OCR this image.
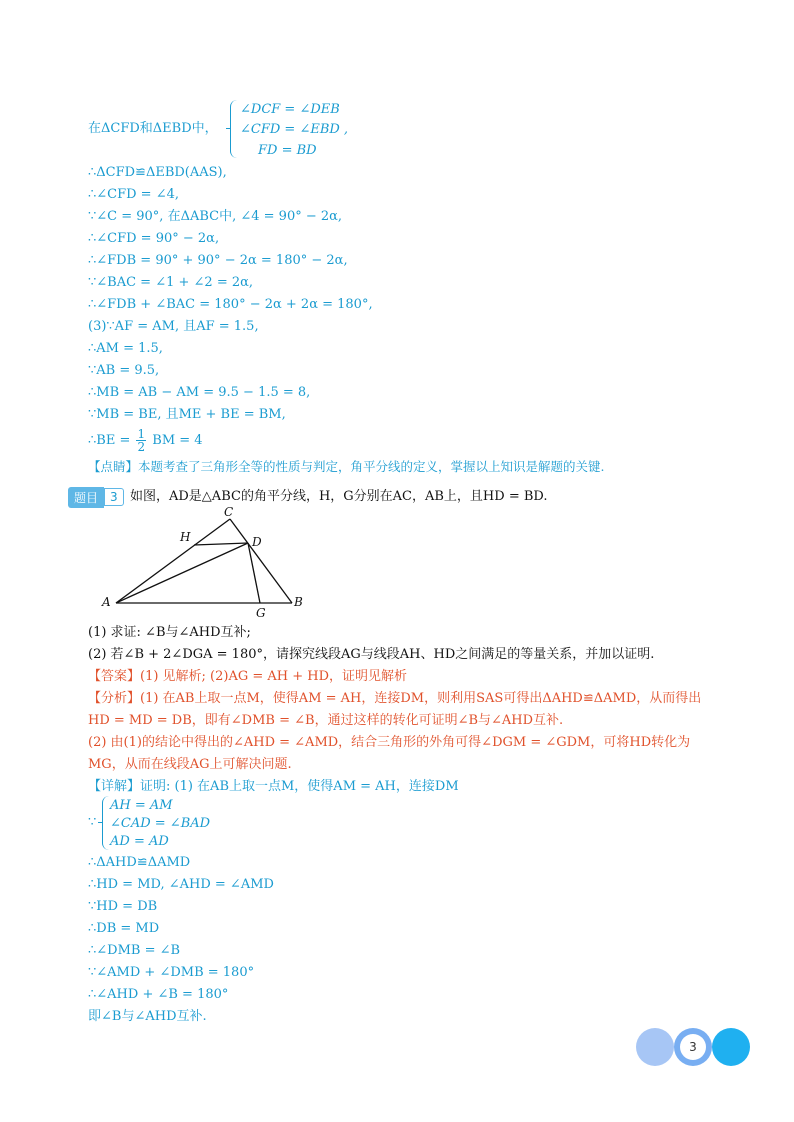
在ΔCFD和ΔEBD中，
∠DCF = ∠DEB
∠CFD = ∠EBD ,
FD = BD
∴ΔCFD≌ΔEBD(AAS),
∴∠CFD = ∠4,
∵∠C = 90°, 在ΔABC中, ∠4 = 90° − 2α,
∴∠CFD = 90° − 2α,
∴∠FDB = 90° + 90° − 2α = 180° − 2α,
∵∠BAC = ∠1 + ∠2 = 2α,
∴∠FDB + ∠BAC = 180° − 2α + 2α = 180°,
(3)∵AF = AM, 且AF = 1.5,
∴AM = 1.5,
∵AB = 9.5,
∴MB = AB − AM = 9.5 − 1.5 = 8,
∵MB = BE, 且ME + BE = BM,
∴BE = $\frac{1}{2}$ BM = 4
【点睛】本题考查了三角形全等的性质与判定，角平分线的定义，掌握以上知识是解题的关键.
题目	3 如图，AD是△ABC的角平分线，H，G分别在AC，AB上，且HD = BD.
A	B
C
D
H
G
(1) 求证: ∠B与∠AHD互补;
(2) 若∠B + 2∠DGA = 180°，请探究线段AG与线段AH、HD之间满足的等量关系，并加以证明.
【答案】(1) 见解析; (2)AG = AH + HD，证明见解析
【分析】(1) 在AB上取一点M，使得AM = AH，连接DM，则利用SAS可得出ΔAHD≌ΔAMD，从而得出
HD = MD = DB，即有∠DMB = ∠B，通过这样的转化可证明∠B与∠AHD互补.
(2) 由(1)的结论中得出的∠AHD = ∠AMD，结合三角形的外角可得∠DGM = ∠GDM，可将HD转化为
MG，从而在线段AG上可解决问题.
【详解】证明: (1) 在AB上取一点M，使得AM = AH，连接DM
∵
AH = AM
∠CAD = ∠BAD
AD = AD
∴ΔAHD≌ΔAMD
∴HD = MD, ∠AHD = ∠AMD
∵HD = DB
∴DB = MD
∴∠DMB = ∠B
∵∠AMD + ∠DMB = 180°
∴∠AHD + ∠B = 180°
即∠B与∠AHD互补.
3
